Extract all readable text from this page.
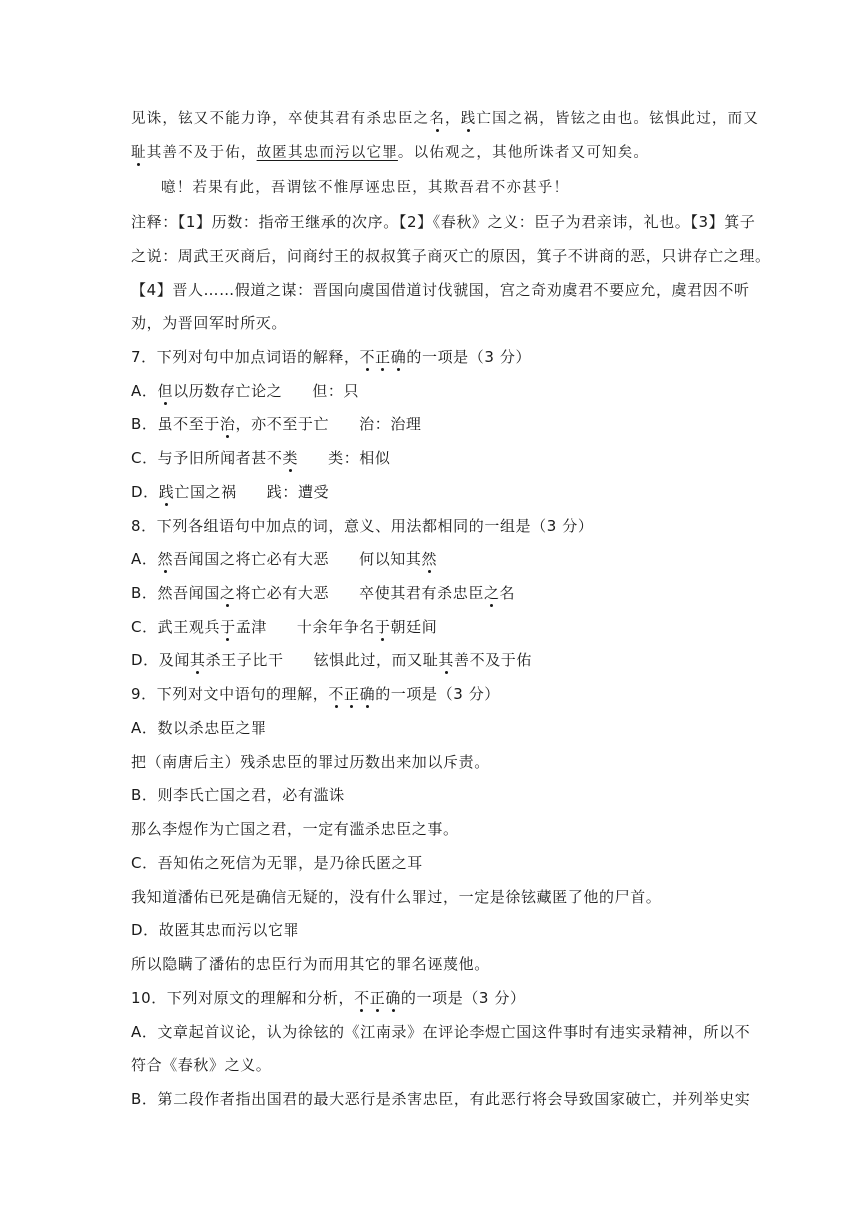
见诛，铉又不能力诤，卒使其君有杀忠臣之名，践亡国之祸，皆铉之由也。铉惧此过，而又
耻其善不及于佑，故匿其忠而污以它罪。以佑观之，其他所诛者又可知矣。
噫！若果有此，吾谓铉不惟厚诬忠臣，其欺吾君不亦甚乎！
注释：【1】历数：指帝王继承的次序。【2】《春秋》之义：臣子为君亲讳，礼也。【3】箕子
之说：周武王灭商后，问商纣王的叔叔箕子商灭亡的原因，箕子不讲商的恶，只讲存亡之理。
【4】晋人……假道之谋：晋国向虞国借道讨伐虢国，宫之奇劝虞君不要应允，虞君因不听
劝，为晋回军时所灭。
7．下列对句中加点词语的解释，不正确的一项是（3 分）
A．但以历数存亡论之 但：只
B．虽不至于治，亦不至于亡 治：治理
C．与予旧所闻者甚不类 类：相似
D．践亡国之祸 践：遭受
8．下列各组语句中加点的词，意义、用法都相同的一组是（3 分）
A．然吾闻国之将亡必有大恶 何以知其然
B．然吾闻国之将亡必有大恶 卒使其君有杀忠臣之名
C．武王观兵于孟津 十余年争名于朝廷间
D．及闻其杀王子比干 铉惧此过，而又耻其善不及于佑
9．下列对文中语句的理解，不正确的一项是（3 分）
A．数以杀忠臣之罪
把（南唐后主）残杀忠臣的罪过历数出来加以斥责。
B．则李氏亡国之君，必有滥诛
那么李煜作为亡国之君，一定有滥杀忠臣之事。
C．吾知佑之死信为无罪，是乃徐氏匿之耳
我知道潘佑已死是确信无疑的，没有什么罪过，一定是徐铉藏匿了他的尸首。
D．故匿其忠而污以它罪
所以隐瞒了潘佑的忠臣行为而用其它的罪名诬蔑他。
10．下列对原文的理解和分析，不正确的一项是（3 分）
A．文章起首议论，认为徐铉的《江南录》在评论李煜亡国这件事时有违实录精神，所以不
符合《春秋》之义。
B．第二段作者指出国君的最大恶行是杀害忠臣，有此恶行将会导致国家破亡，并列举史实
